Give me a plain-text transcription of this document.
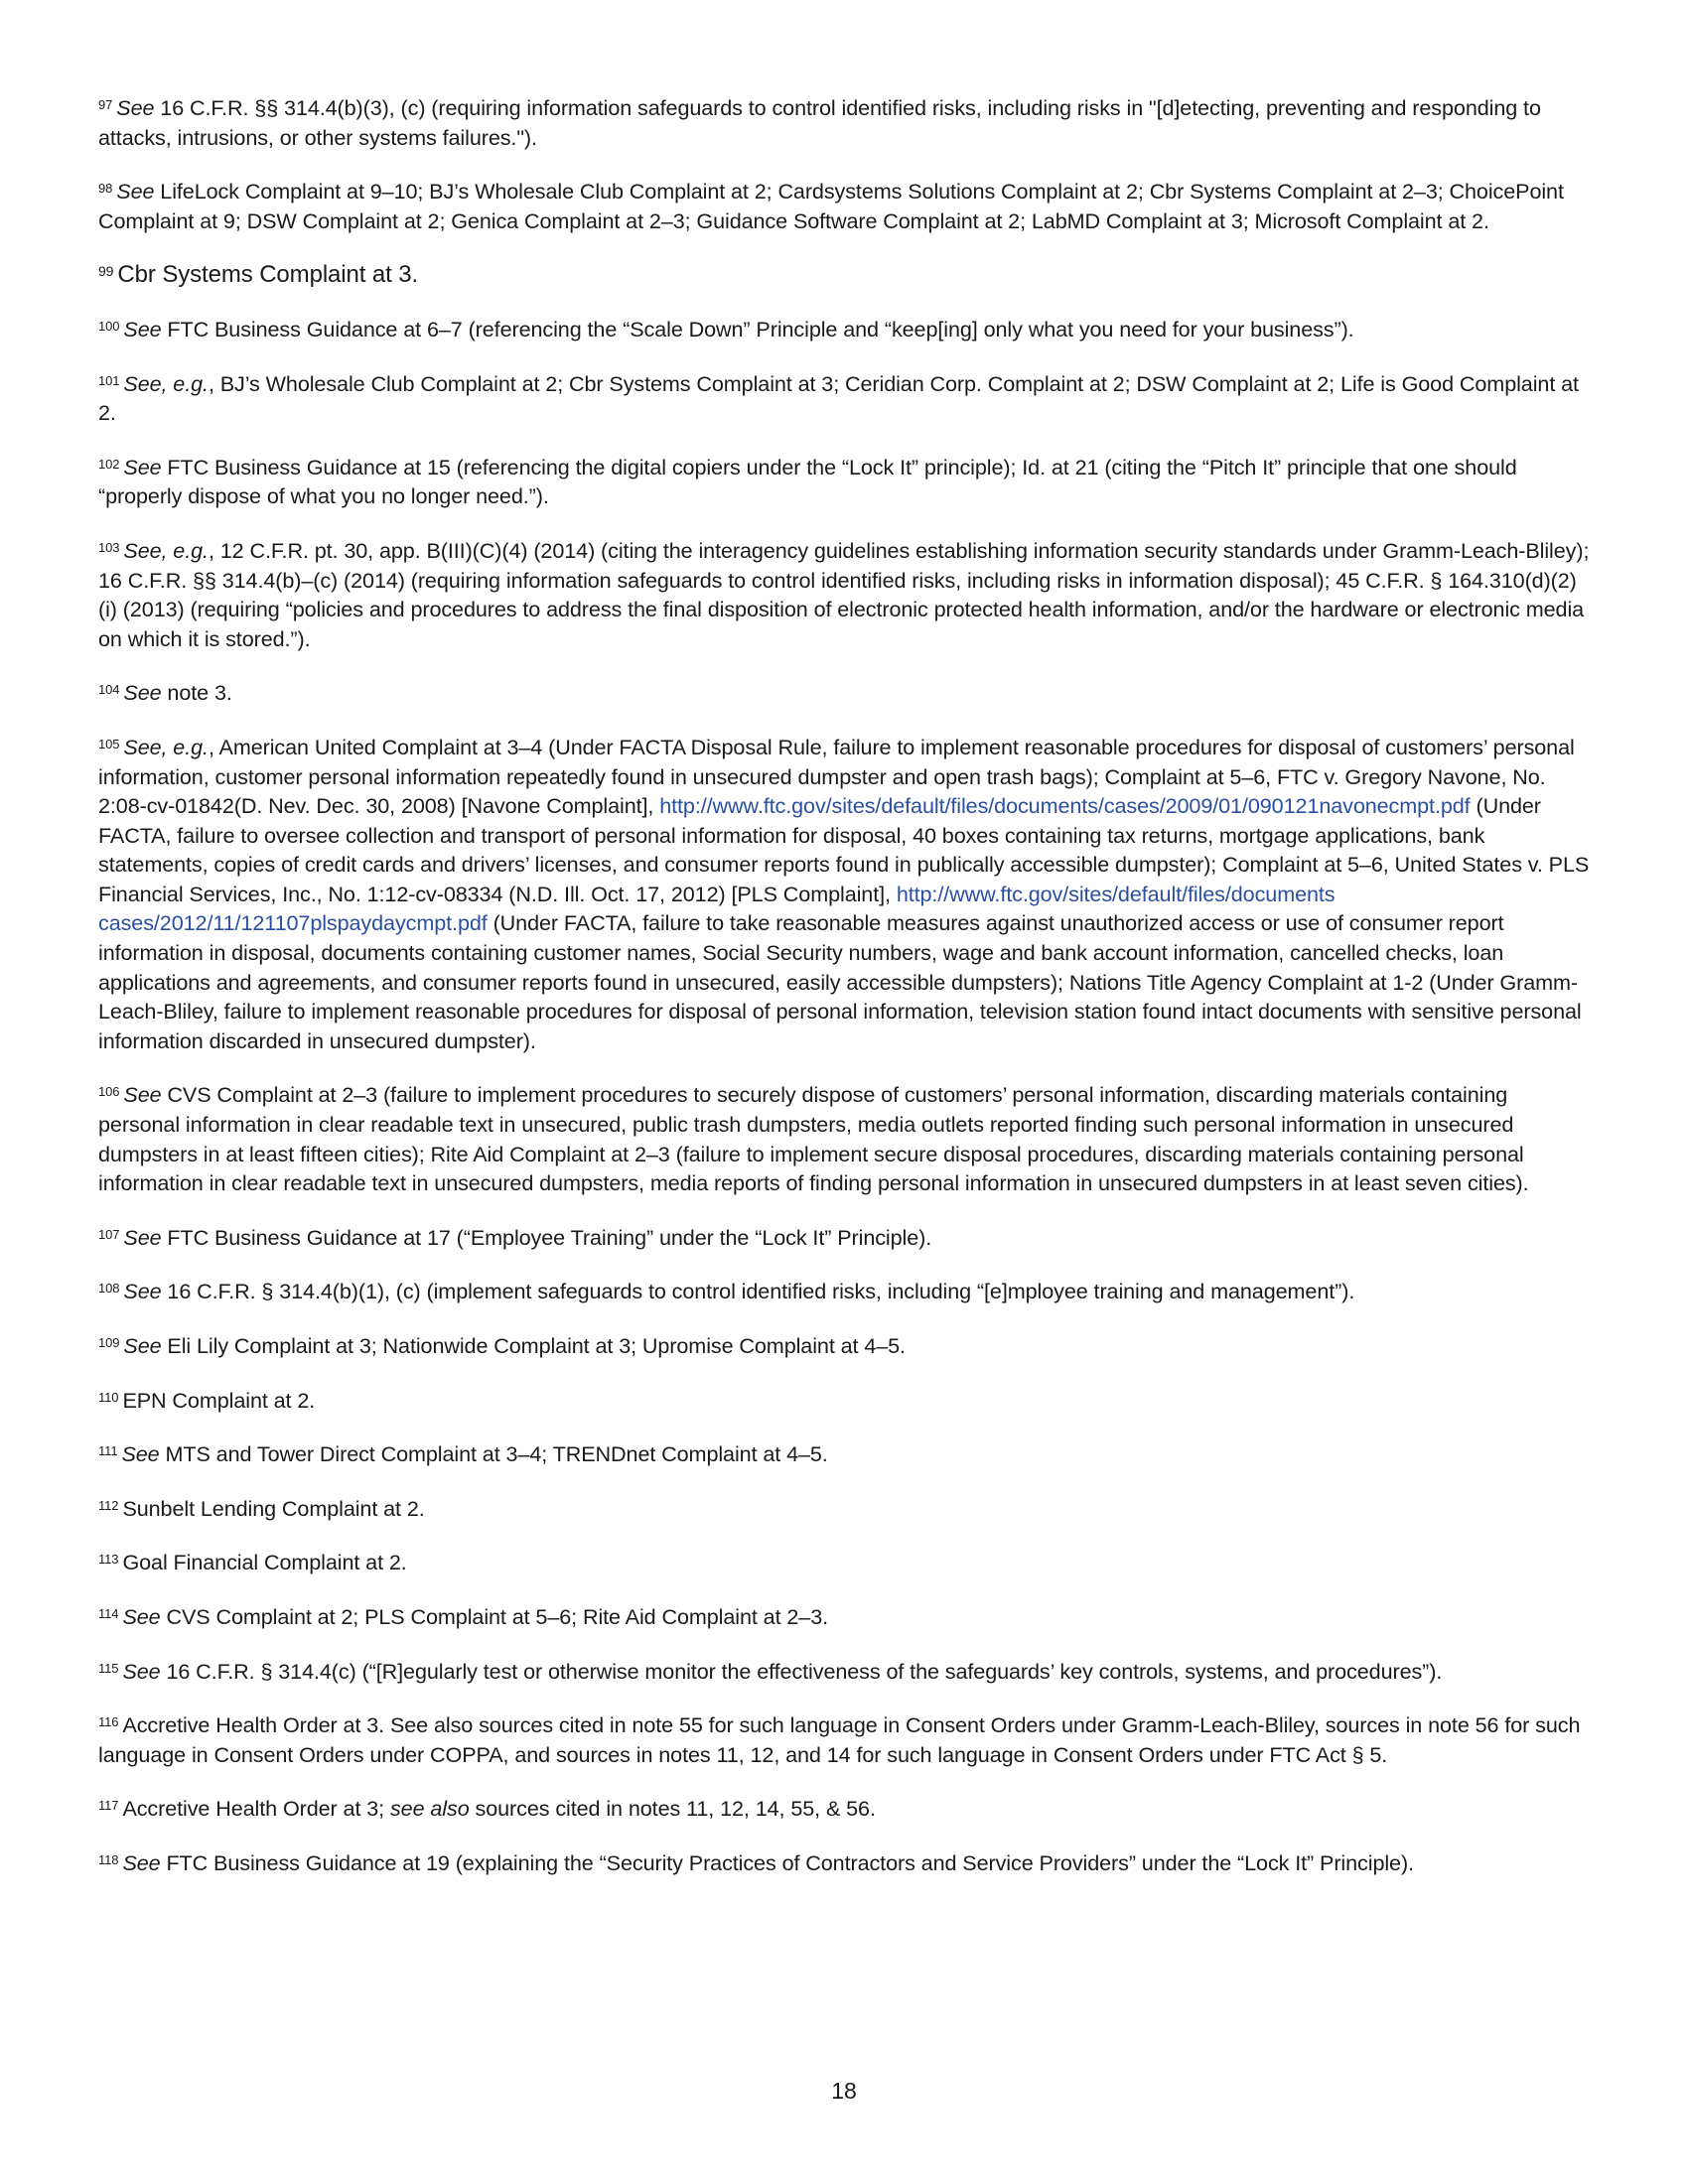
$^{97}$ See 16 C.F.R. §§ 314.4(b)(3), (c) (requiring information safeguards to control identified risks, including risks in "[d]etecting, preventing and responding to attacks, intrusions, or other systems failures.").

$^{98}$ See LifeLock Complaint at 9–10; BJ’s Wholesale Club Complaint at 2; Cardsystems Solutions Complaint at 2; Cbr Systems Complaint at 2–3; ChoicePoint Complaint at 9; DSW Complaint at 2; Genica Complaint at 2–3; Guidance Software Complaint at 2; LabMD Complaint at 3; Microsoft Complaint at 2.

$^{99}$ Cbr Systems Complaint at 3.

$^{100}$ See FTC Business Guidance at 6–7 (referencing the “Scale Down” Principle and “keep[ing] only what you need for your business”).

$^{101}$ See, e.g., BJ’s Wholesale Club Complaint at 2; Cbr Systems Complaint at 3; Ceridian Corp. Complaint at 2; DSW Complaint at 2; Life is Good Complaint at 2.

$^{102}$ See FTC Business Guidance at 15 (referencing the digital copiers under the “Lock It” principle); Id. at 21 (citing the “Pitch It” principle that one should “properly dispose of what you no longer need.”).

$^{103}$ See, e.g., 12 C.F.R. pt. 30, app. B(III)(C)(4) (2014) (citing the interagency guidelines establishing information security standards under Gramm-Leach-Bliley); 16 C.F.R. §§ 314.4(b)–(c) (2014) (requiring information safeguards to control identified risks, including risks in information disposal); 45 C.F.R. § 164.310(d)(2)(i) (2013) (requiring “policies and procedures to address the final disposition of electronic protected health information, and/or the hardware or electronic media on which it is stored.”).

$^{104}$ See note 3.

$^{105}$ See, e.g., American United Complaint at 3–4 (Under FACTA Disposal Rule, failure to implement reasonable procedures for disposal of customers’ personal information, customer personal information repeatedly found in unsecured dumpster and open trash bags); Complaint at 5–6, FTC v. Gregory Navone, No. 2:08-cv-01842(D. Nev. Dec. 30, 2008) [Navone Complaint], http://www.ftc.gov/sites/default/files/documents/cases/2009/01/090121navonecmpt.pdf (Under FACTA, failure to oversee collection and transport of personal information for disposal, 40 boxes containing tax returns, mortgage applications, bank statements, copies of credit cards and drivers’ licenses, and consumer reports found in publically accessible dumpster); Complaint at 5–6, United States v. PLS Financial Services, Inc., No. 1:12-cv-08334 (N.D. Ill. Oct. 17, 2012) [PLS Complaint], http://www.ftc.gov/sites/default/files/documents cases/2012/11/121107plspaydaycmpt.pdf (Under FACTA, failure to take reasonable measures against unauthorized access or use of consumer report information in disposal, documents containing customer names, Social Security numbers, wage and bank account information, cancelled checks, loan applications and agreements, and consumer reports found in unsecured, easily accessible dumpsters); Nations Title Agency Complaint at 1-2 (Under Gramm-Leach-Bliley, failure to implement reasonable procedures for disposal of personal information, television station found intact documents with sensitive personal information discarded in unsecured dumpster).

$^{106}$ See CVS Complaint at 2–3 (failure to implement procedures to securely dispose of customers’ personal information, discarding materials containing personal information in clear readable text in unsecured, public trash dumpsters, media outlets reported finding such personal information in unsecured dumpsters in at least fifteen cities); Rite Aid Complaint at 2–3 (failure to implement secure disposal procedures, discarding materials containing personal information in clear readable text in unsecured dumpsters, media reports of finding personal information in unsecured dumpsters in at least seven cities).

$^{107}$ See FTC Business Guidance at 17 (“Employee Training” under the “Lock It” Principle).

$^{108}$ See 16 C.F.R. § 314.4(b)(1), (c) (implement safeguards to control identified risks, including “[e]mployee training and management”).

$^{109}$ See Eli Lily Complaint at 3; Nationwide Complaint at 3; Upromise Complaint at 4–5.

$^{110}$ EPN Complaint at 2.

$^{111}$ See MTS and Tower Direct Complaint at 3–4; TRENDnet Complaint at 4–5.

$^{112}$ Sunbelt Lending Complaint at 2.

$^{113}$ Goal Financial Complaint at 2.

$^{114}$ See CVS Complaint at 2; PLS Complaint at 5–6; Rite Aid Complaint at 2–3.

$^{115}$ See 16 C.F.R. § 314.4(c) (“[R]egularly test or otherwise monitor the effectiveness of the safeguards’ key controls, systems, and procedures”).

$^{116}$ Accretive Health Order at 3. See also sources cited in note 55 for such language in Consent Orders under Gramm-Leach-Bliley, sources in note 56 for such language in Consent Orders under COPPA, and sources in notes 11, 12, and 14 for such language in Consent Orders under FTC Act § 5.

$^{117}$ Accretive Health Order at 3; see also sources cited in notes 11, 12, 14, 55, & 56.

$^{118}$ See FTC Business Guidance at 19 (explaining the “Security Practices of Contractors and Service Providers” under the “Lock It” Principle).

18
